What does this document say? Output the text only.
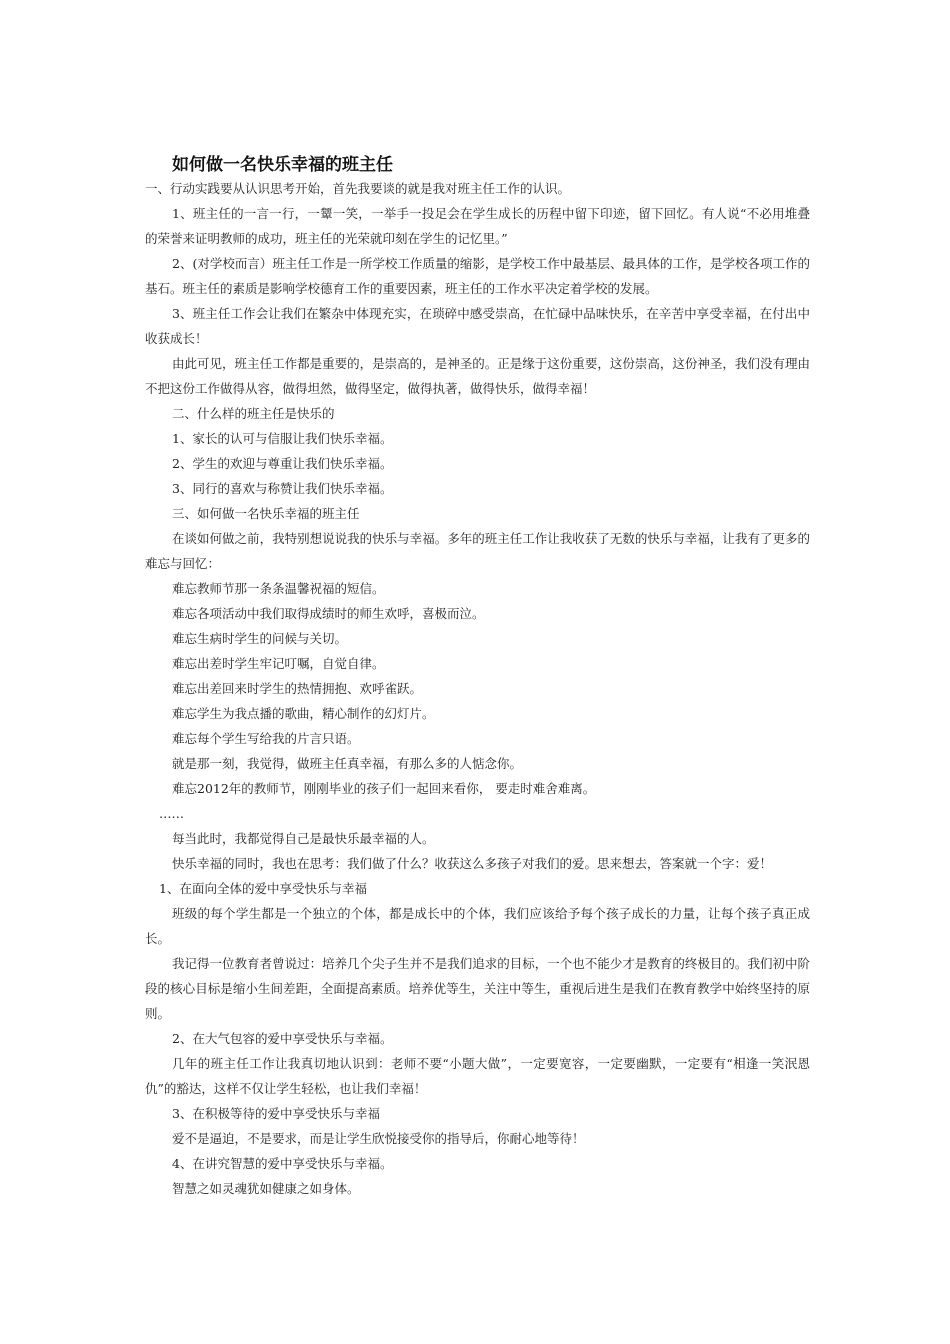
如何做一名快乐幸福的班主任

一、行动实践要从认识思考开始，首先我要谈的就是我对班主任工作的认识。

1、班主任的一言一行，一颦一笑，一举手一投足会在学生成长的历程中留下印迹，留下回忆。有人说“不必用堆叠的荣誉来证明教师的成功，班主任的光荣就印刻在学生的记忆里。”

2、(对学校而言）班主任工作是一所学校工作质量的缩影，是学校工作中最基层、最具体的工作，是学校各项工作的基石。班主任的素质是影响学校德育工作的重要因素，班主任的工作水平决定着学校的发展。

3、班主任工作会让我们在繁杂中体现充实，在琐碎中感受崇高，在忙碌中品味快乐，在辛苦中享受幸福，在付出中收获成长！

由此可见，班主任工作都是重要的，是崇高的，是神圣的。正是缘于这份重要，这份崇高，这份神圣，我们没有理由不把这份工作做得从容，做得坦然，做得坚定，做得执著，做得快乐，做得幸福！

二、什么样的班主任是快乐的

1、家长的认可与信服让我们快乐幸福。

2、学生的欢迎与尊重让我们快乐幸福。

3、同行的喜欢与称赞让我们快乐幸福。

三、如何做一名快乐幸福的班主任

在谈如何做之前，我特别想说说我的快乐与幸福。多年的班主任工作让我收获了无数的快乐与幸福，让我有了更多的难忘与回忆：

难忘教师节那一条条温馨祝福的短信。

难忘各项活动中我们取得成绩时的师生欢呼，喜极而泣。

难忘生病时学生的问候与关切。

难忘出差时学生牢记叮嘱，自觉自律。

难忘出差回来时学生的热情拥抱、欢呼雀跃。

难忘学生为我点播的歌曲，精心制作的幻灯片。

难忘每个学生写给我的片言只语。

就是那一刻，我觉得，做班主任真幸福，有那么多的人惦念你。

难忘2012年的教师节，刚刚毕业的孩子们一起回来看你， 要走时难舍难离。

……

每当此时，我都觉得自己是最快乐最幸福的人。

快乐幸福的同时，我也在思考：我们做了什么？收获这么多孩子对我们的爱。思来想去，答案就一个字：爱！

1、在面向全体的爱中享受快乐与幸福

班级的每个学生都是一个独立的个体，都是成长中的个体，我们应该给予每个孩子成长的力量，让每个孩子真正成长。

我记得一位教育者曾说过：培养几个尖子生并不是我们追求的目标，一个也不能少才是教育的终极目的。我们初中阶段的核心目标是缩小生间差距，全面提高素质。培养优等生，关注中等生，重视后进生是我们在教育教学中始终坚持的原则。

2、在大气包容的爱中享受快乐与幸福。

几年的班主任工作让我真切地认识到：老师不要“小题大做”，一定要宽容，一定要幽默，一定要有“相逢一笑泯恩仇”的豁达，这样不仅让学生轻松，也让我们幸福！

3、在积极等待的爱中享受快乐与幸福

爱不是逼迫，不是要求，而是让学生欣悦接受你的指导后，你耐心地等待！

4、在讲究智慧的爱中享受快乐与幸福。

智慧之如灵魂犹如健康之如身体。
